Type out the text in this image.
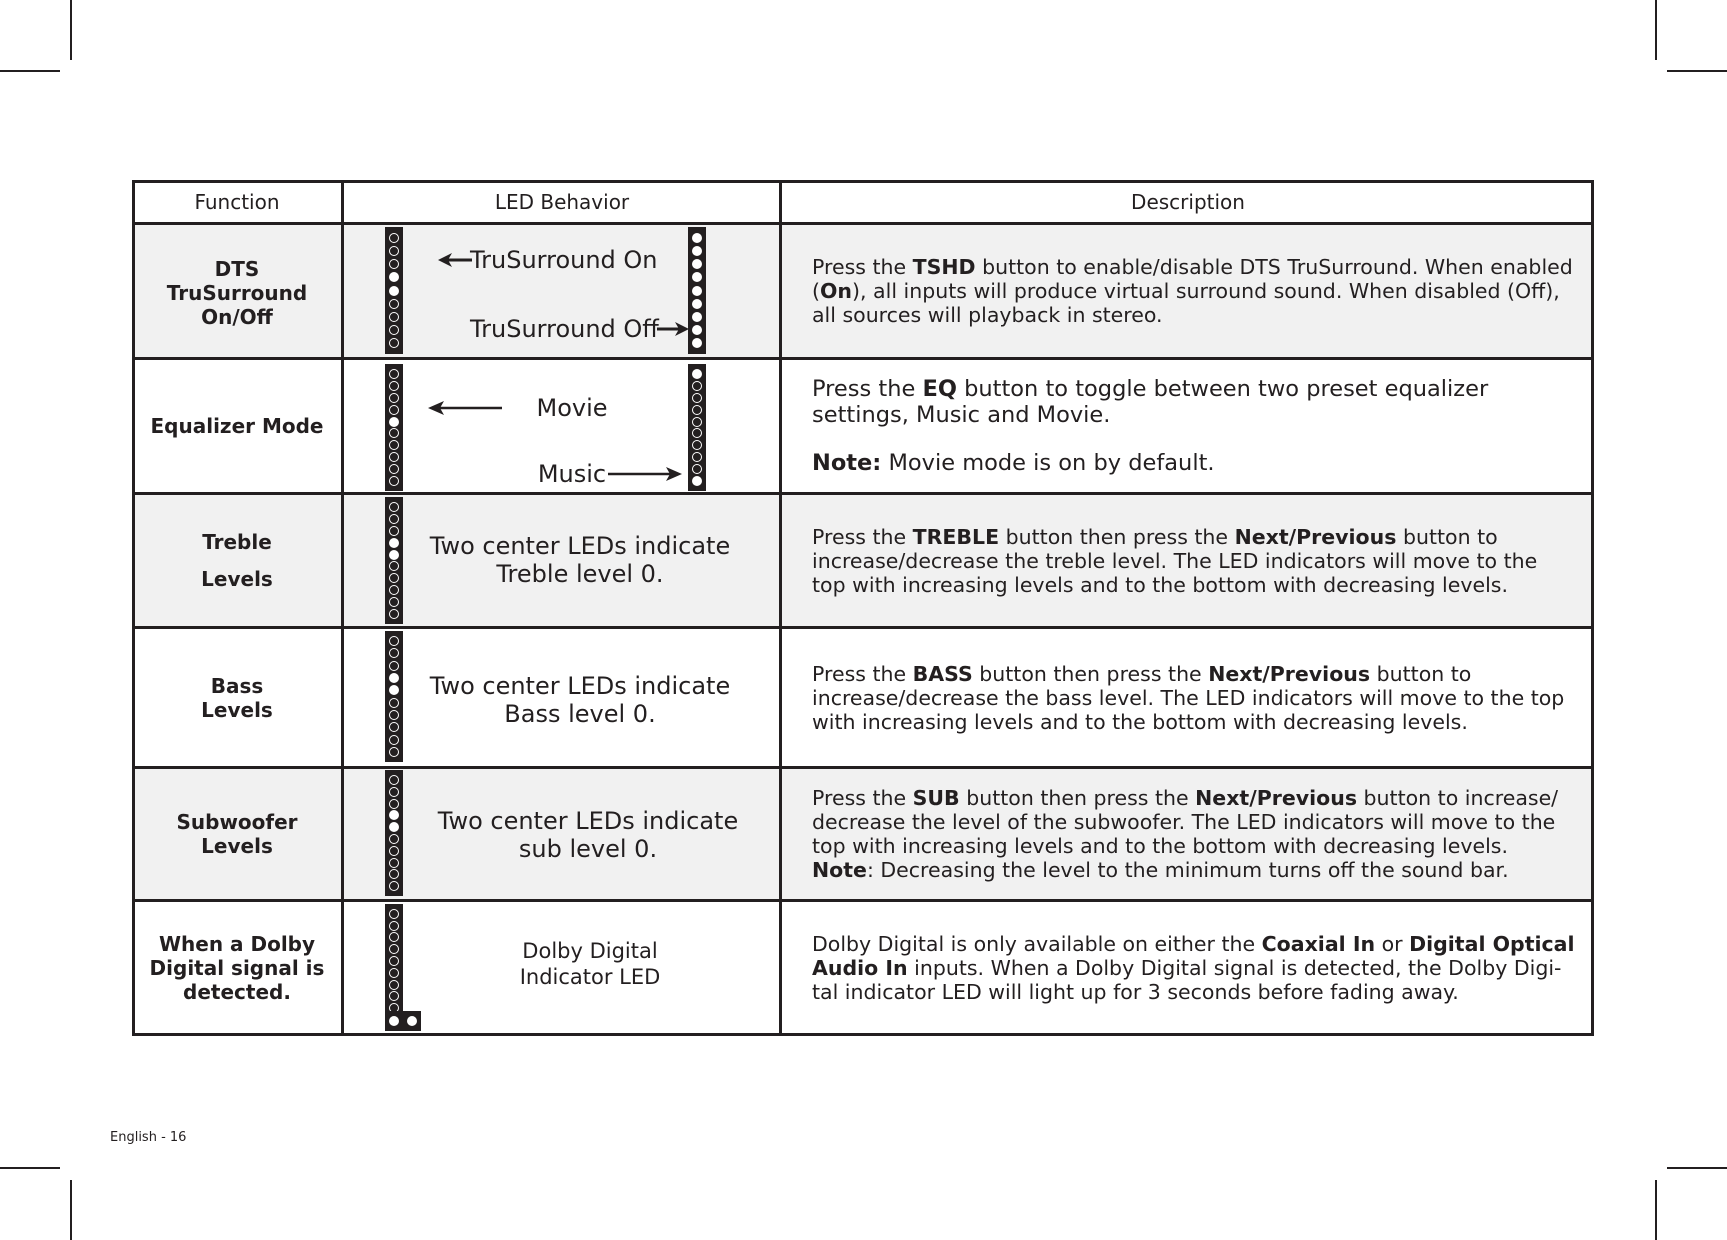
Function	LED Behavior	Description
DTS TruSurround On/Off
Equalizer Mode
Treble Levels
Bass Levels
Subwoofer Levels
When a Dolby Digital signal is detected.
Press the TSHD button to enable/disable DTS TruSurround. When enabled (On), all inputs will produce virtual surround sound. When disabled (Off), all sources will playback in stereo.
Press the EQ button to toggle between two preset equalizer settings, Music and Movie.
Note: Movie mode is on by default.
Press the TREBLE button then press the Next/Previous button to increase/decrease the treble level. The LED indicators will move to the top with increasing levels and to the bottom with decreasing levels.
Press the BASS button then press the Next/Previous button to increase/decrease the bass level. The LED indicators will move to the top with increasing levels and to the bottom with decreasing levels.
Press the SUB button then press the Next/Previous button to increase/ decrease the level of the subwoofer. The LED indicators will move to the top with increasing levels and to the bottom with decreasing levels.
Note: Decreasing the level to the minimum turns off the sound bar.
Dolby Digital is only available on either the Coaxial In or Digital Optical Audio In inputs. When a Dolby Digital signal is detected, the Dolby Digi- tal indicator LED will light up for 3 seconds before fading away.
TruSurround On
TruSurround Off
Movie
Music
Two center LEDs indicate
Treble level 0.
Two center LEDs indicate
Bass level 0.
Two center LEDs indicate
sub level 0.
Dolby Digital
Indicator LED
English - 16
